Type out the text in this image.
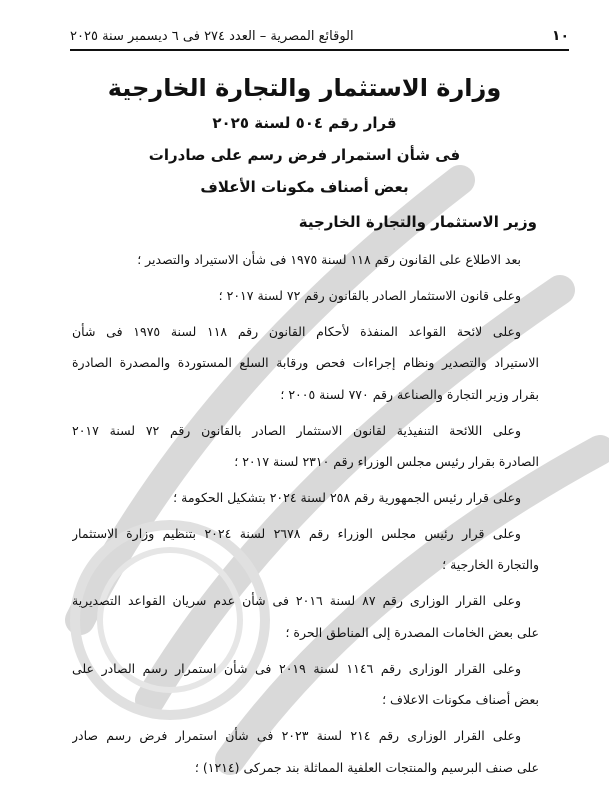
١٠
الوقائع المصرية – العدد ٢٧٤ فى ٦ ديسمبر سنة ٢٠٢٥
وزارة الاستثمار والتجارة الخارجية

قرار رقم ٥٠٤ لسنة ٢٠٢٥

فى شأن استمرار فرض رسم على صادرات

بعض أصناف مكونات الأعلاف

وزير الاستثمار والتجارة الخارجية

بعد الاطلاع على القانون رقم ١١٨ لسنة ١٩٧٥ فى شأن الاستيراد والتصدير ؛
وعلى قانون الاستثمار الصادر بالقانون رقم ٧٢ لسنة ٢٠١٧ ؛
وعلى لائحة القواعد المنفذة لأحكام القانون رقم ١١٨ لسنة ١٩٧٥ فى شأن
الاستيراد والتصدير ونظام إجراءات فحص ورقابة السلع المستوردة والمصدرة الصادرة
بقرار وزير التجارة والصناعة رقم ٧٧٠ لسنة ٢٠٠٥ ؛
وعلى اللائحة التنفيذية لقانون الاستثمار الصادر بالقانون رقم ٧٢ لسنة ٢٠١٧
الصادرة بقرار رئيس مجلس الوزراء رقم ٢٣١٠ لسنة ٢٠١٧ ؛
وعلى قرار رئيس الجمهورية رقم ٢٥٨ لسنة ٢٠٢٤ بتشكيل الحكومة ؛
وعلى قرار رئيس مجلس الوزراء رقم ٢٦٧٨ لسنة ٢٠٢٤ بتنظيم وزارة الاستثمار
والتجارة الخارجية ؛
وعلى القرار الوزارى رقم ٨٧ لسنة ٢٠١٦ فى شأن عدم سريان القواعد التصديرية
على بعض الخامات المصدرة إلى المناطق الحرة ؛
وعلى القرار الوزارى رقم ١١٤٦ لسنة ٢٠١٩ فى شأن استمرار رسم الصادر على
بعض أصناف مكونات الاعلاف ؛
وعلى القرار الوزارى رقم ٢١٤ لسنة ٢٠٢٣ فى شأن استمرار فرض رسم صادر
على صنف البرسيم والمنتجات العلفية المماثلة بند جمركى (١٢١٤) ؛
